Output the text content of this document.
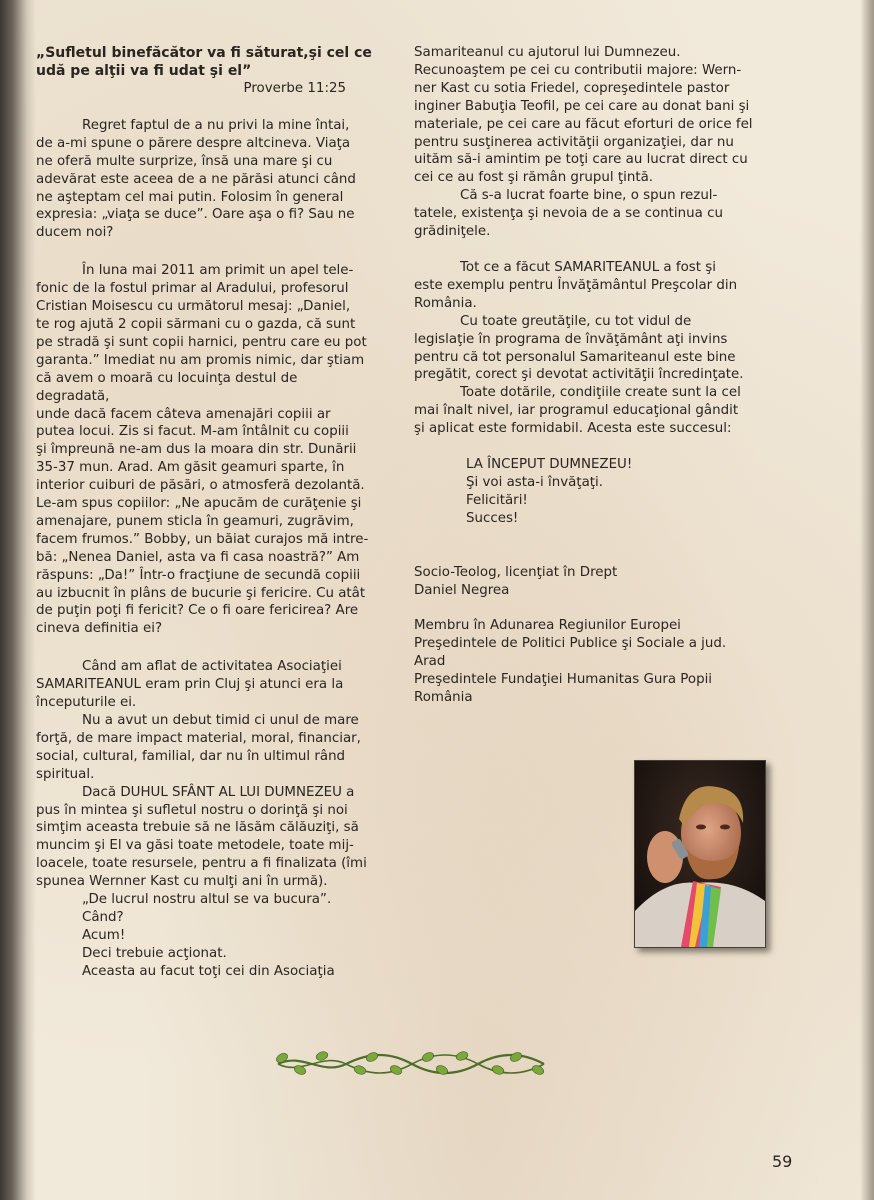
„Sufletul binefăcător va fi săturat,şi cel ce

udă pe alţii va fi udat şi el”

Proverbe 11:25

Regret faptul de a nu privi la mine întai,
de a-mi spune o părere despre altcineva. Viaţa
ne oferă multe surprize, însă una mare şi cu
adevărat este aceea de a ne părăsi atunci când
ne aşteptam cel mai putin. Folosim în general
expresia: „viaţa se duce”. Oare aşa o fi? Sau ne
ducem noi?

În luna mai 2011 am primit un apel tele-
fonic de la fostul primar al Aradului, profesorul
Cristian Moisescu cu următorul mesaj: „Daniel,
te rog ajută 2 copii sărmani cu o gazda, că sunt
pe stradă şi sunt copii harnici, pentru care eu pot
garanta.” Imediat nu am promis nimic, dar ştiam
că avem o moară cu locuinţa destul de degradată,
unde dacă facem câteva amenajări copiii ar
putea locui. Zis si facut. M-am întâlnit cu copiii
şi împreună ne-am dus la moara din str. Dunării
35-37 mun. Arad. Am găsit geamuri sparte, în
interior cuiburi de păsări, o atmosferă dezolantă.
Le-am spus copiilor: „Ne apucăm de curăţenie şi
amenajare, punem sticla în geamuri, zugrăvim,
facem frumos.” Bobby, un băiat curajos mă intre-
bă: „Nenea Daniel, asta va fi casa noastră?” Am
răspuns: „Da!” Într-o fracţiune de secundă copiii
au izbucnit în plâns de bucurie şi fericire. Cu atât
de puţin poţi fi fericit? Ce o fi oare fericirea? Are
cineva definitia ei?

Când am aflat de activitatea Asociaţiei
SAMARITEANUL eram prin Cluj şi atunci era la
începuturile ei.

Nu a avut un debut timid ci unul de mare
forţă, de mare impact material, moral, financiar,
social, cultural, familial, dar nu în ultimul rând
spiritual.

Dacă DUHUL SFÂNT AL LUI DUMNEZEU a
pus în mintea şi sufletul nostru o dorinţă şi noi
simţim aceasta trebuie să ne lăsăm călăuziţi, să
muncim şi El va găsi toate metodele, toate mij-
loacele, toate resursele, pentru a fi finalizata (îmi
spunea Wernner Kast cu mulţi ani în urmă).

„De lucrul nostru altul se va bucura”.
Când?
Acum!
Deci trebuie acţionat.
Aceasta au facut toţi cei din Asociaţia

Samariteanul cu ajutorul lui Dumnezeu.
Recunoaştem pe cei cu contributii majore: Wern-
ner Kast cu sotia Friedel, copreşedintele pastor
inginer Babuţia Teofil, pe cei care au donat bani şi
materiale, pe cei care au făcut eforturi de orice fel
pentru susţinerea activităţii organizaţiei, dar nu
uităm să-i amintim pe toţi care au lucrat direct cu
cei ce au fost şi rămân grupul ţintă.

Că s-a lucrat foarte bine, o spun rezul-
tatele, existenţa şi nevoia de a se continua cu
grădiniţele.

Tot ce a făcut SAMARITEANUL a fost şi
este exemplu pentru Învăţământul Preşcolar din
România.

Cu toate greutăţile, cu tot vidul de
legislaţie în programa de învăţământ aţi invins
pentru că tot personalul Samariteanul este bine
pregătit, corect şi devotat activităţii încredinţate.

Toate dotările, condiţiile create sunt la cel
mai înalt nivel, iar programul educaţional gândit
şi aplicat este formidabil. Acesta este succesul:

LA ÎNCEPUT DUMNEZEU!
Şi voi asta-i învăţaţi.
Felicitări!
Succes!

Socio-Teolog, licenţiat în Drept
Daniel Negrea

Membru în Adunarea Regiunilor Europei
Preşedintele de Politici Publice şi Sociale a jud.
Arad
Preşedintele Fundaţiei Humanitas Gura Popii
România

59
